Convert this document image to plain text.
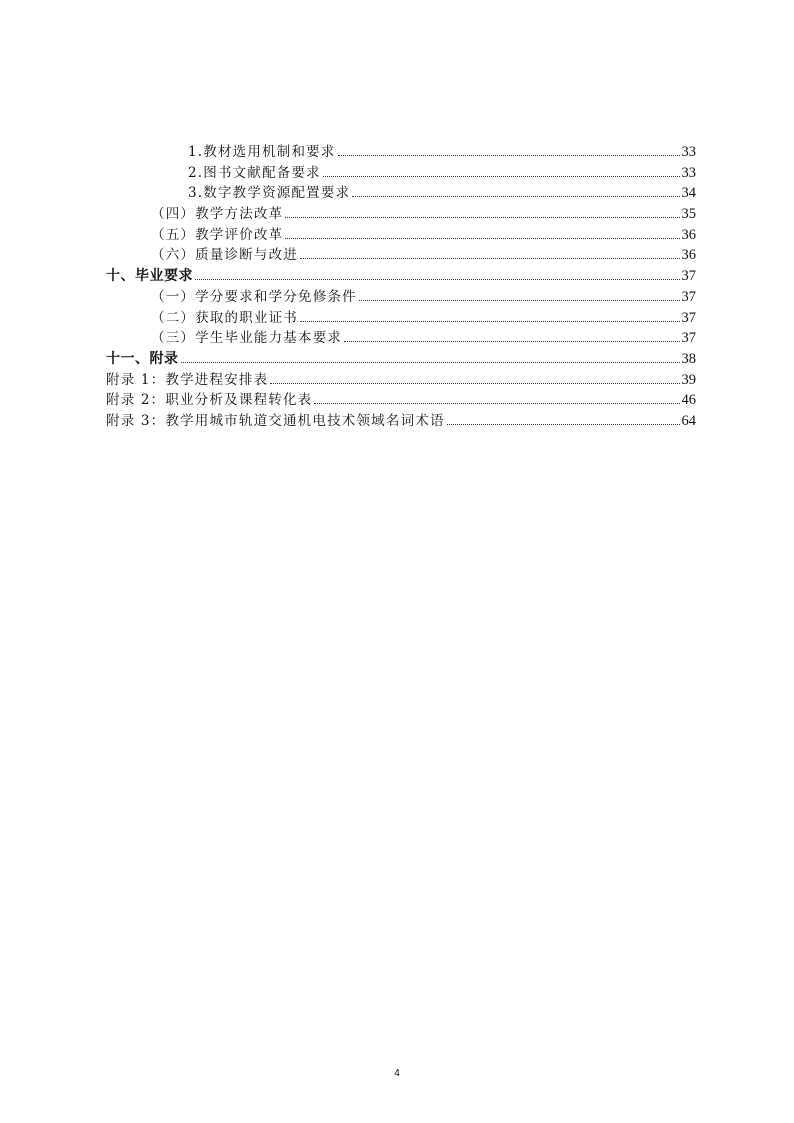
1.教材选用机制和要求	33
2.图书文献配备要求	33
3.数字教学资源配置要求	34
（四）教学方法改革	35
（五）教学评价改革	36
（六）质量诊断与改进	36
十、毕业要求	37
（一）学分要求和学分免修条件	37
（二）获取的职业证书	37
（三）学生毕业能力基本要求	37
十一、附录	38
附录 1：教学进程安排表	39
附录 2：职业分析及课程转化表	46
附录 3：教学用城市轨道交通机电技术领域名词术语	64
4
